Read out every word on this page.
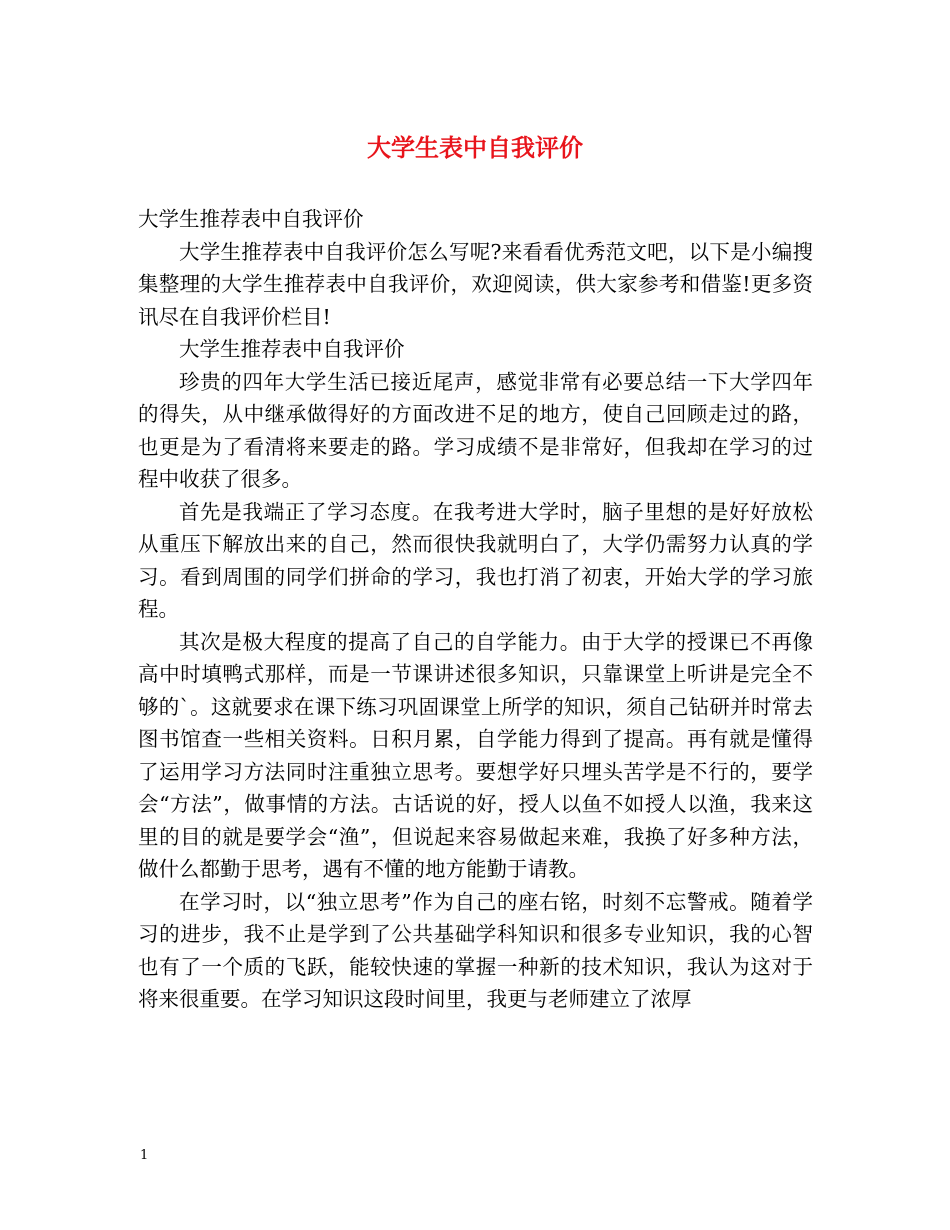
大学生表中自我评价

大学生推荐表中自我评价

大学生推荐表中自我评价怎么写呢?来看看优秀范文吧，以下是小编搜集整理的大学生推荐表中自我评价，欢迎阅读，供大家参考和借鉴!更多资讯尽在自我评价栏目!

大学生推荐表中自我评价

珍贵的四年大学生活已接近尾声，感觉非常有必要总结一下大学四年的得失，从中继承做得好的方面改进不足的地方，使自己回顾走过的路，也更是为了看清将来要走的路。学习成绩不是非常好，但我却在学习的过程中收获了很多。

首先是我端正了学习态度。在我考进大学时，脑子里想的是好好放松从重压下解放出来的自己，然而很快我就明白了，大学仍需努力认真的学习。看到周围的同学们拼命的学习，我也打消了初衷，开始大学的学习旅程。

其次是极大程度的提高了自己的自学能力。由于大学的授课已不再像高中时填鸭式那样，而是一节课讲述很多知识，只靠课堂上听讲是完全不够的`。这就要求在课下练习巩固课堂上所学的知识，须自己钻研并时常去图书馆查一些相关资料。日积月累，自学能力得到了提高。再有就是懂得了运用学习方法同时注重独立思考。要想学好只埋头苦学是不行的，要学会“方法”，做事情的方法。古话说的好，授人以鱼不如授人以渔，我来这里的目的就是要学会“渔”，但说起来容易做起来难，我换了好多种方法，做什么都勤于思考，遇有不懂的地方能勤于请教。

在学习时，以“独立思考”作为自己的座右铭，时刻不忘警戒。随着学习的进步，我不止是学到了公共基础学科知识和很多专业知识，我的心智也有了一个质的飞跃，能较快速的掌握一种新的技术知识，我认为这对于将来很重要。在学习知识这段时间里，我更与老师建立了浓厚

1
